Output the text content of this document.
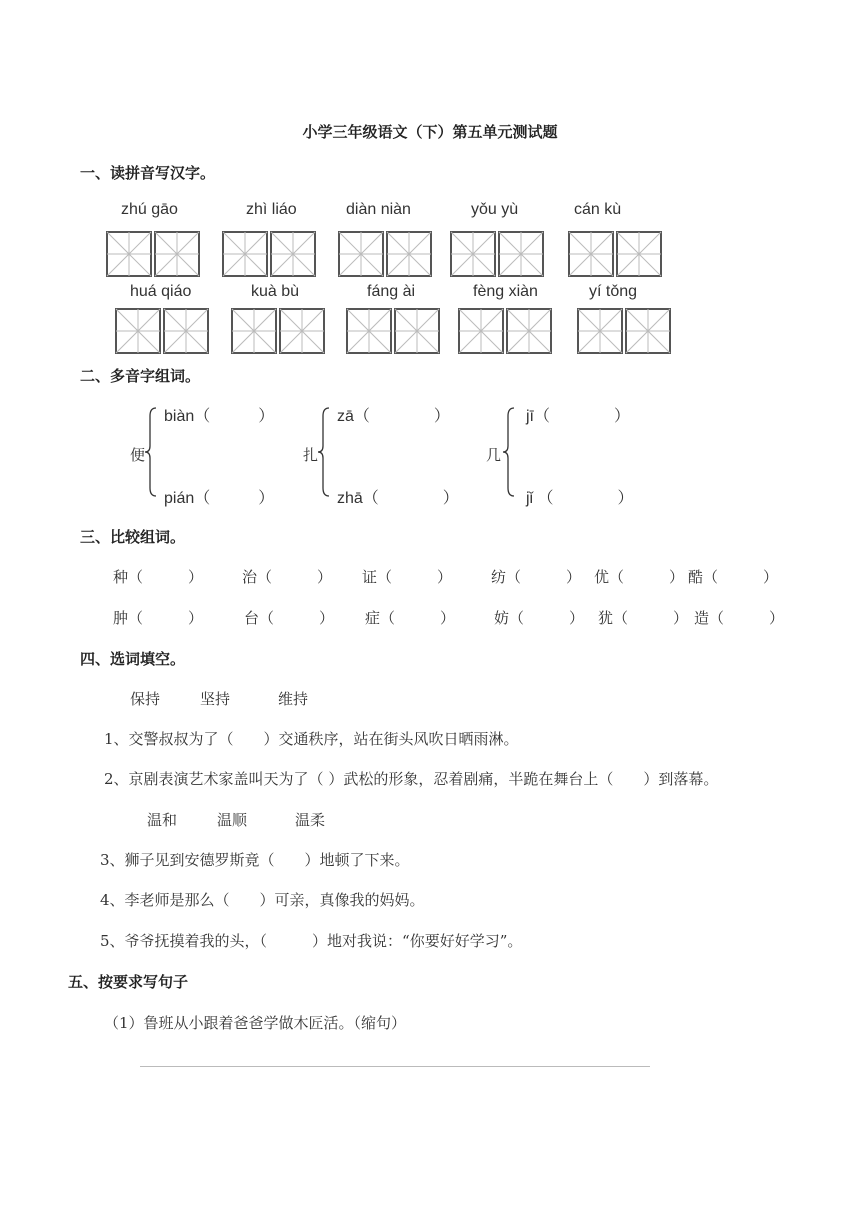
小学三年级语文（下）第五单元测试题
一、读拼音写汉字。
zhú gāo	zhì liáo	diàn niàn	yǒu yù	cán kù
huá qiáo	kuà bù	fáng ài	fèng xiàn	yí tǒng
二、多音字组词。
便
biàn（　　　）
pián（　　　）
扎
zā（　　　　）
zhā（　　　　）
几
jī（　　　　）
jǐ （　　　　）
三、比较组词。
种（　　　）	治（　　　） 证（　　　）	纺（　　　） 优（　　　） 酷（　　　）
肿（　　　）	台（　　　） 症（　　　）	妨（　　　） 犹（　　　） 造（　　　）
四、选词填空。
保持	坚持	维持
1、交警叔叔为了（　　）交通秩序，站在街头风吹日晒雨淋。
2、京剧表演艺术家盖叫天为了（ ）武松的形象，忍着剧痛，半跪在舞台上（　　）到落幕。
温和	温顺	温柔
3、狮子见到安德罗斯竟（　　）地顿了下来。
4、李老师是那么（　　）可亲，真像我的妈妈。
5、爷爷抚摸着我的头，（　　　）地对我说：“你要好好学习”。
五、按要求写句子
（1）鲁班从小跟着爸爸学做木匠活。（缩句）
